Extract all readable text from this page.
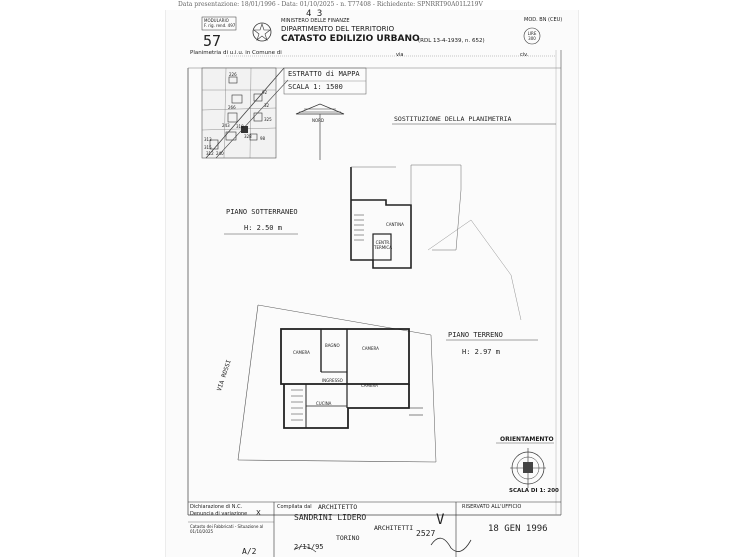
Data presentazione: 18/01/1996 - Data: 01/10/2025 - n. T77408 - Richiedente: SPNRRT90A01L219V
4 3
57
MODULARIO
F. rig. rend. 497
MINISTERO DELLE FINANZE
DIPARTIMENTO DEL TERRITORIO
CATASTO EDILIZIO URBANO
(RDL 13-4-1939, n. 652)
MOD. BN (CEU)
LIRE 300
Planimetria di u.i.u. in Comune di	via	civ.
226
266
92
32
325
243 318
328
313
315
98
240
312
ESTRATTO di MAPPA
SCALA 1: 1500
NORD	SOSTITUZIONE DELLA PLANIMETRIA
PIANO SOTTERRANEO
H: 2.50 m	CANTINA
CENTR. TERMICA
PIANO TERRENO
H: 2.97 m
CAMERA
BAGNO
CAMERA
INGRESSO
CUCINA
CAMERA
VIA ROSSI
ORIENTAMENTO
SCALA DI 1: 200
Dichiarazione di N.C.
Denuncia di variazione X
Catasto dei Fabbricati - Situazione al 01/10/2025
Compilata dal ARCHITETTO
SANDRINI LIDERO
ARCHITETTI
TORINO	2527
2/11/95
RISERVATO ALL'UFFICIO
V
18 GEN 1996
A/2
